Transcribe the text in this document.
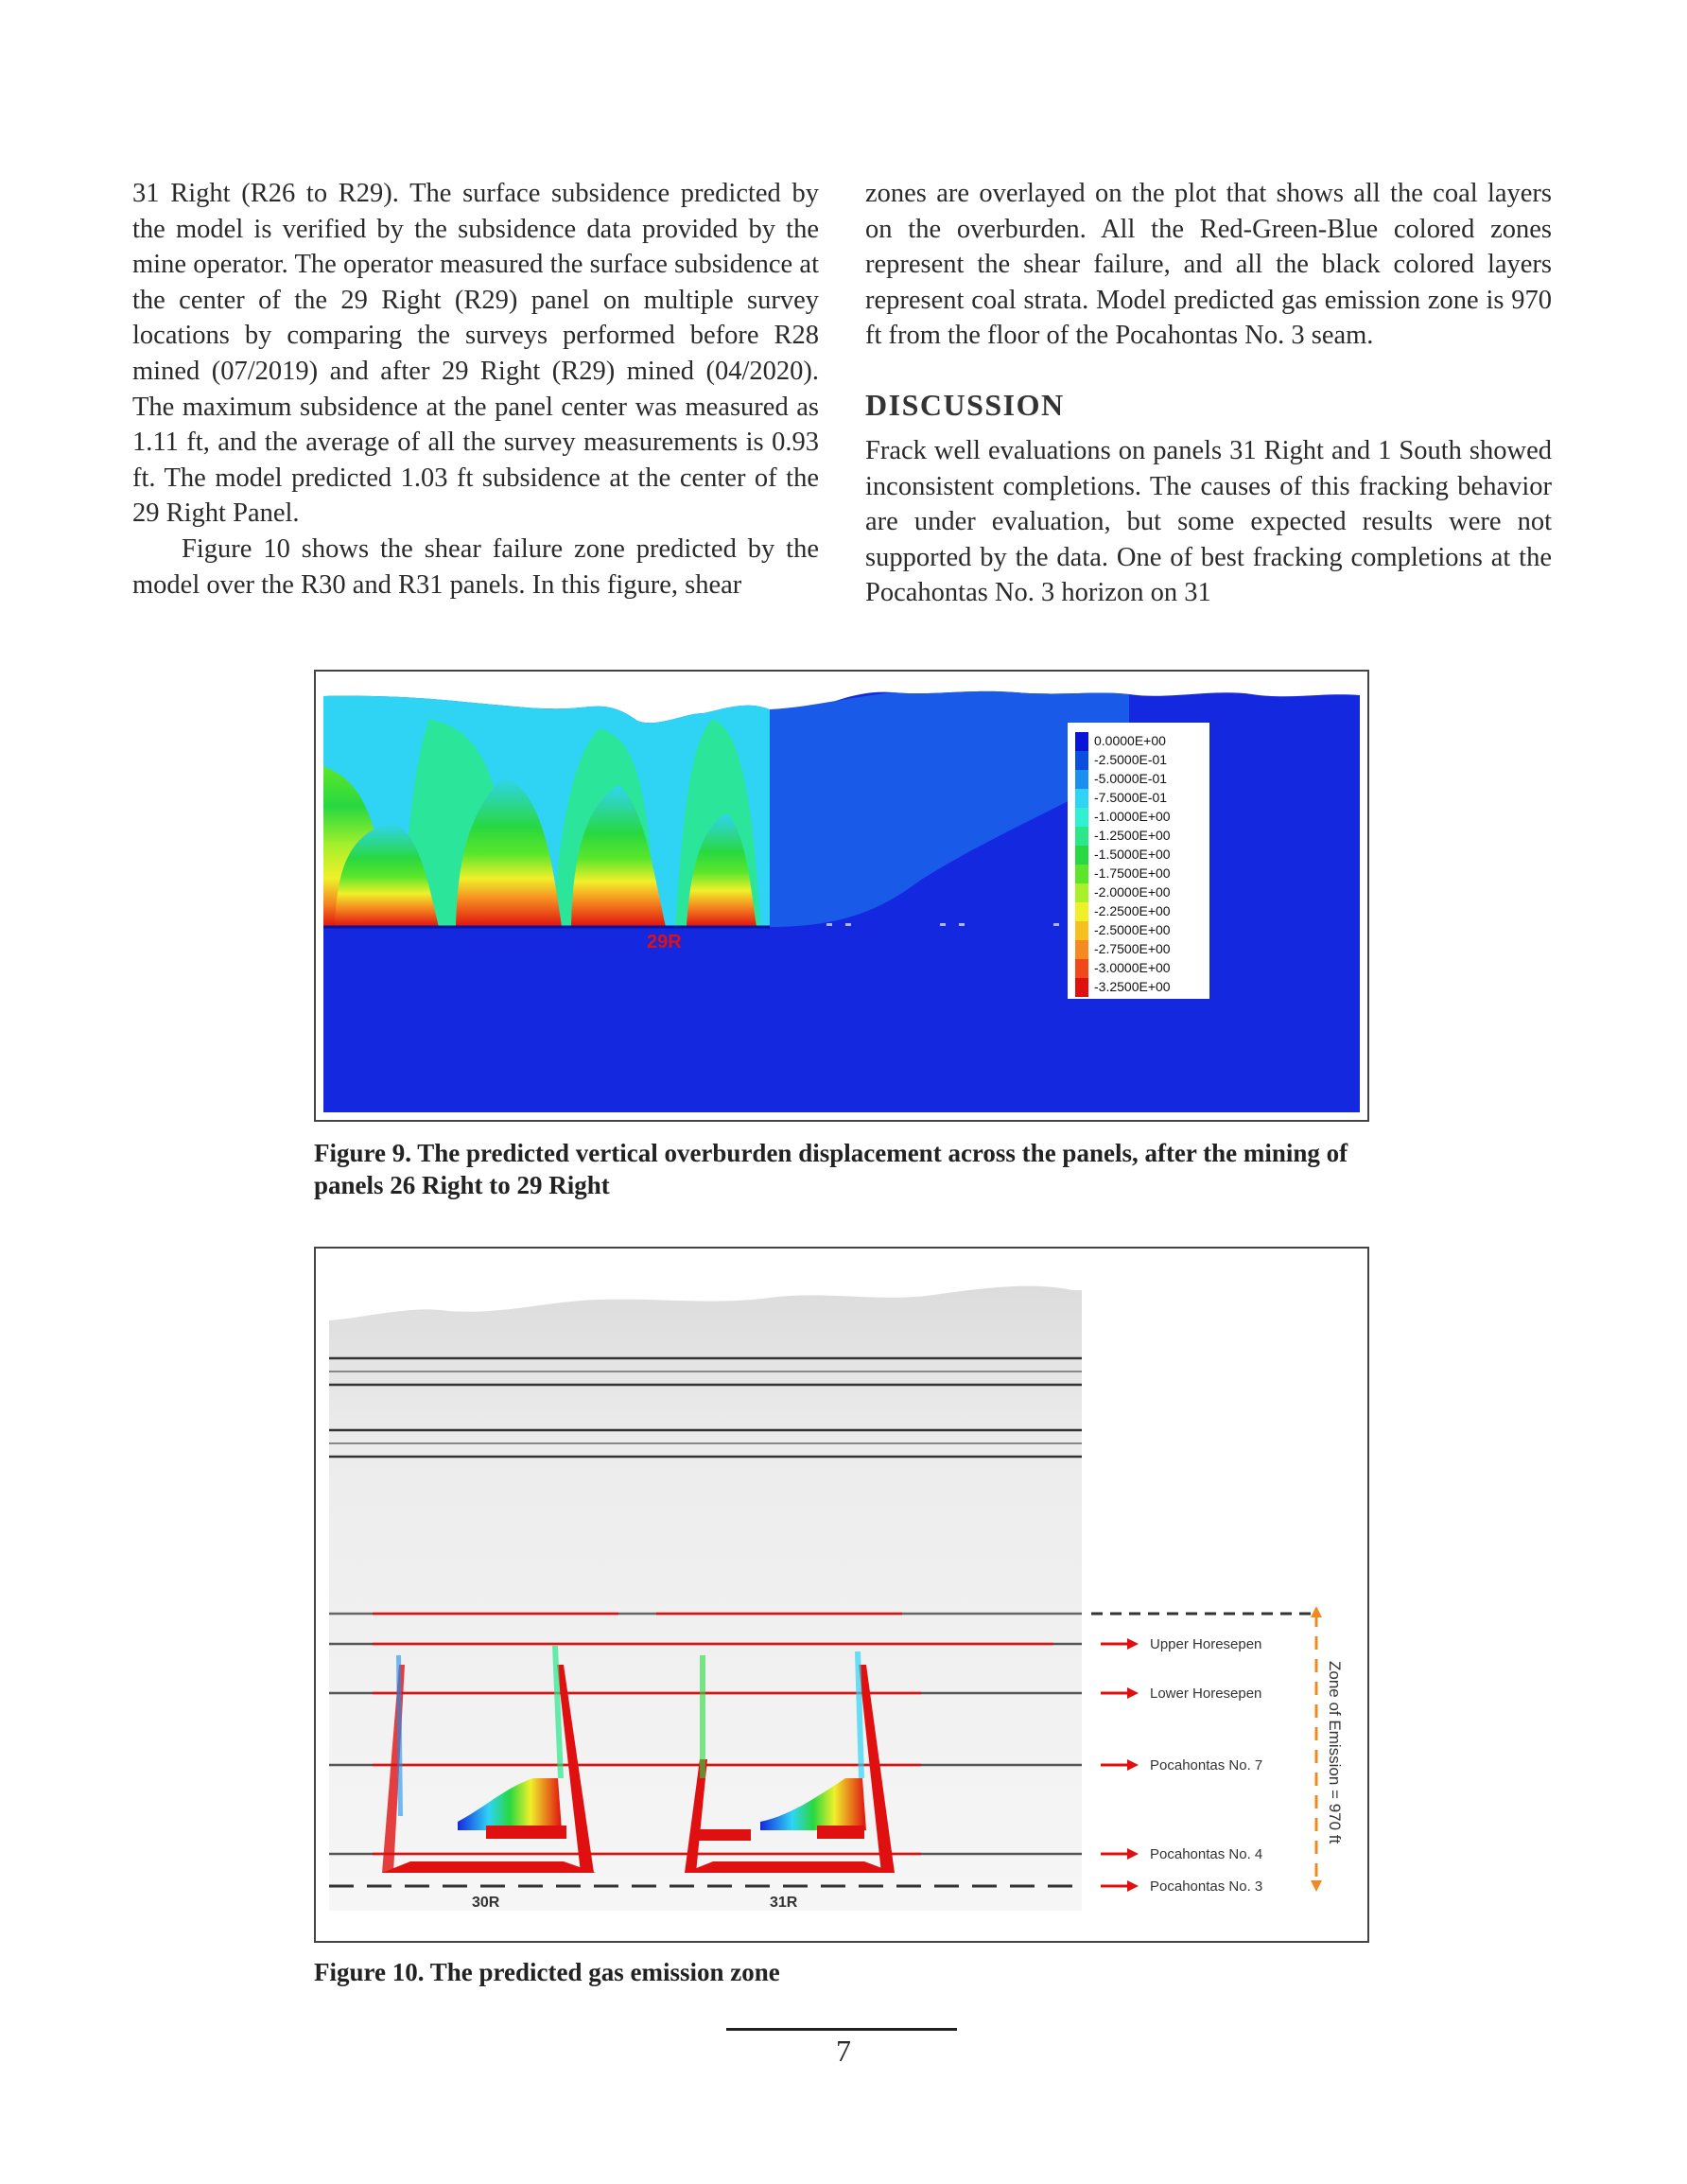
31 Right (R26 to R29). The surface subsidence predicted by the model is verified by the subsidence data provided by the mine operator. The operator measured the surface subsidence at the center of the 29 Right (R29) panel on multiple survey locations by comparing the surveys performed before R28 mined (07/2019) and after 29 Right (R29) mined (04/2020). The maximum subsidence at the panel center was measured as 1.11 ft, and the average of all the survey measurements is 0.93 ft. The model predicted 1.03 ft subsidence at the center of the 29 Right Panel.

Figure 10 shows the shear failure zone predicted by the model over the R30 and R31 panels. In this figure, shear

zones are overlayed on the plot that shows all the coal layers on the overburden. All the Red-Green-Blue colored zones represent the shear failure, and all the black colored layers represent coal strata. Model predicted gas emission zone is 970 ft from the floor of the Pocahontas No. 3 seam.

DISCUSSION

Frack well evaluations on panels 31 Right and 1 South showed inconsistent completions. The causes of this fracking behavior are under evaluation, but some expected results were not supported by the data. One of best fracking completions at the Pocahontas No. 3 horizon on 31

29R
0.0000E+00
-2.5000E-01
-5.0000E-01
-7.5000E-01
-1.0000E+00
-1.2500E+00
-1.5000E+00
-1.7500E+00
-2.0000E+00
-2.2500E+00
-2.5000E+00
-2.7500E+00
-3.0000E+00
-3.2500E+00
Figure 9. The predicted vertical overburden displacement across the panels, after the mining of panels 26 Right to 29 Right
30R	31R
Upper Horesepen
Lower Horesepen
Pocahontas No. 7
Pocahontas No. 4
Pocahontas No. 3
Zone of Emission = 970 ft
Figure 10. The predicted gas emission zone
7
